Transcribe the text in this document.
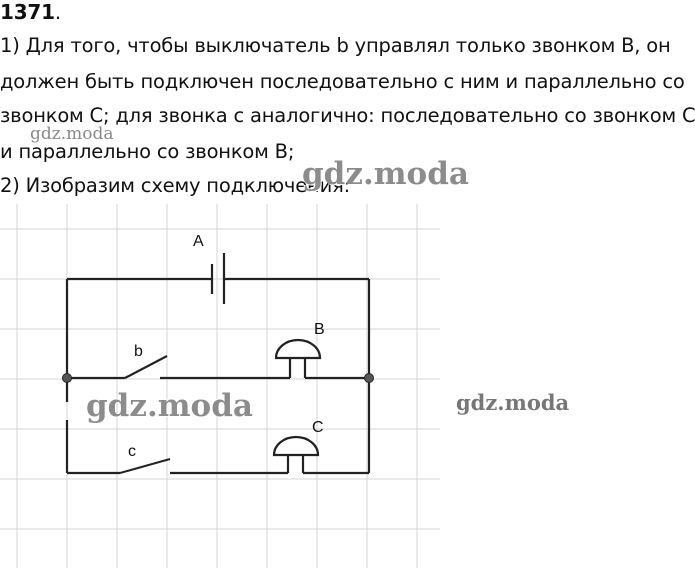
1371.
1) Для того, чтобы выключатель b управлял только звонком B, он
должен быть подключен последовательно с ним и параллельно со
звонком C; для звонка c аналогично: последовательно со звонком C
и параллельно со звонком B;
2) Изобразим схему подключения:
A
b
B
c
C
gdz.moda
gdz.moda
gdz.moda	gdz.moda
